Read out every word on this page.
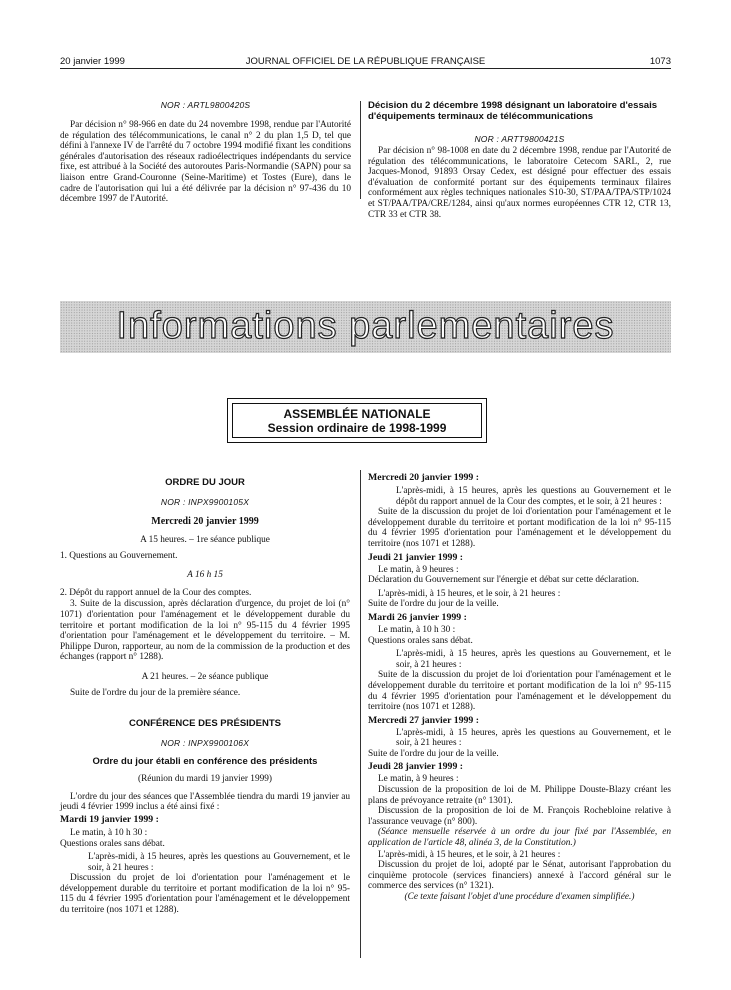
20 janvier 1999	JOURNAL OFFICIEL DE LA RÉPUBLIQUE FRANÇAISE	1073
NOR : ARTL9800420S

Par décision n° 98-966 en date du 24 novembre 1998, rendue par l'Autorité de régulation des télécommunications, le canal n° 2 du plan 1,5 D, tel que défini à l'annexe IV de l'arrêté du 7 octobre 1994 modifié fixant les conditions générales d'autorisation des réseaux radioélectriques indépendants du service fixe, est attribué à la Société des autoroutes Paris-Normandie (SAPN) pour sa liaison entre Grand-Couronne (Seine-Maritime) et Tostes (Eure), dans le cadre de l'autorisation qui lui a été délivrée par la décision n° 97-436 du 10 décembre 1997 de l'Autorité.

Décision du 2 décembre 1998 désignant un laboratoire d'essais d'équipements terminaux de télécommunications
NOR : ARTT9800421S

Par décision n° 98-1008 en date du 2 décembre 1998, rendue par l'Autorité de régulation des télécommunications, le laboratoire Cetecom SARL, 2, rue Jacques-Monod, 91893 Orsay Cedex, est désigné pour effectuer des essais d'évaluation de conformité portant sur des équipements terminaux filaires conformément aux règles techniques nationales S10-30, ST/PAA/TPA/STP/1024 et ST/PAA/TPA/CRE/1284, ainsi qu'aux normes européennes CTR 12, CTR 13, CTR 33 et CTR 38.

Informations parlementaires
ASSEMBLÉE NATIONALE
Session ordinaire de 1998-1999
ORDRE DU JOUR
NOR : INPX9900105X
Mercredi 20 janvier 1999

A 15 heures. – 1re séance publique

1. Questions au Gouvernement.

A 16 h 15

2. Dépôt du rapport annuel de la Cour des comptes.

3. Suite de la discussion, après déclaration d'urgence, du projet de loi (n° 1071) d'orientation pour l'aménagement et le développement durable du territoire et portant modification de la loi n° 95-115 du 4 février 1995 d'orientation pour l'aménagement et le développement du territoire. – M. Philippe Duron, rapporteur, au nom de la commission de la production et des échanges (rapport n° 1288).

A 21 heures. – 2e séance publique

Suite de l'ordre du jour de la première séance.

CONFÉRENCE DES PRÉSIDENTS
NOR : INPX9900106X
Ordre du jour établi en conférence des présidents

(Réunion du mardi 19 janvier 1999)

L'ordre du jour des séances que l'Assemblée tiendra du mardi 19 janvier au jeudi 4 février 1999 inclus a été ainsi fixé :

Mardi 19 janvier 1999 :

Le matin, à 10 h 30 :

Questions orales sans débat.

L'après-midi, à 15 heures, après les questions au Gouvernement, et le soir, à 21 heures :

Discussion du projet de loi d'orientation pour l'aménagement et le développement durable du territoire et portant modification de la loi n° 95-115 du 4 février 1995 d'orientation pour l'aménagement et le développement du territoire (nos 1071 et 1288).

Mercredi 20 janvier 1999 :

L'après-midi, à 15 heures, après les questions au Gouvernement et le dépôt du rapport annuel de la Cour des comptes, et le soir, à 21 heures :

Suite de la discussion du projet de loi d'orientation pour l'aménagement et le développement durable du territoire et portant modification de la loi n° 95-115 du 4 février 1995 d'orientation pour l'aménagement et le développement du territoire (nos 1071 et 1288).

Jeudi 21 janvier 1999 :

Le matin, à 9 heures :

Déclaration du Gouvernement sur l'énergie et débat sur cette déclaration.

L'après-midi, à 15 heures, et le soir, à 21 heures :

Suite de l'ordre du jour de la veille.

Mardi 26 janvier 1999 :

Le matin, à 10 h 30 :

Questions orales sans débat.

L'après-midi, à 15 heures, après les questions au Gouvernement, et le soir, à 21 heures :

Suite de la discussion du projet de loi d'orientation pour l'aménagement et le développement durable du territoire et portant modification de la loi n° 95-115 du 4 février 1995 d'orientation pour l'aménagement et le développement du territoire (nos 1071 et 1288).

Mercredi 27 janvier 1999 :

L'après-midi, à 15 heures, après les questions au Gouvernement, et le soir, à 21 heures :

Suite de l'ordre du jour de la veille.

Jeudi 28 janvier 1999 :

Le matin, à 9 heures :

Discussion de la proposition de loi de M. Philippe Douste-Blazy créant les plans de prévoyance retraite (n° 1301).

Discussion de la proposition de loi de M. François Rochebloine relative à l'assurance veuvage (n° 800).

(Séance mensuelle réservée à un ordre du jour fixé par l'Assemblée, en application de l'article 48, alinéa 3, de la Constitution.)

L'après-midi, à 15 heures, et le soir, à 21 heures :

Discussion du projet de loi, adopté par le Sénat, autorisant l'approbation du cinquième protocole (services financiers) annexé à l'accord général sur le commerce des services (n° 1321).

(Ce texte faisant l'objet d'une procédure d'examen simplifiée.)
